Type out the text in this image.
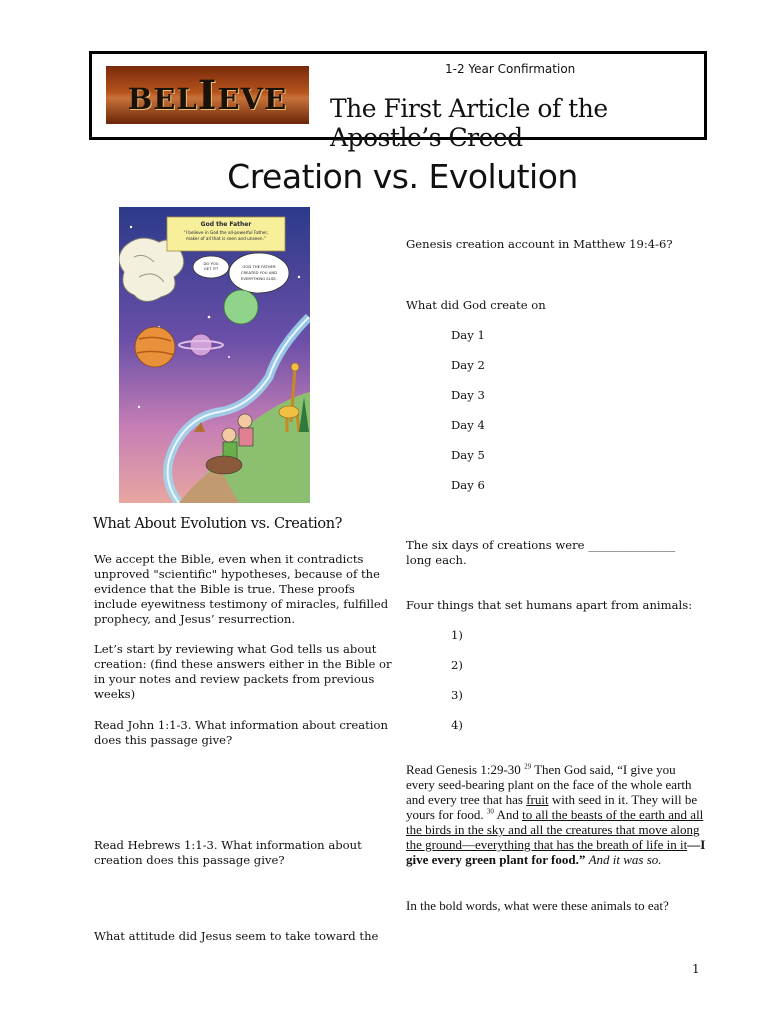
BELIEVE
1-2 Year Confirmation
The First Article of the Apostle’s Creed
Creation vs. Evolution
God the Father
“I believe in God the all-powerful Father,
maker of all that is seen and unseen.”
DO YOU
GET IT?	GOD THE FATHER
CREATED YOU AND
EVERYTHING ELSE.
What About Evolution vs. Creation?
We accept the Bible, even when it contradicts unproved "scientific" hypotheses, because of the evidence that the Bible is true. These proofs include eyewitness testimony of miracles, fulfilled prophecy, and Jesus’ resurrection.
Let’s start by reviewing what God tells us about creation: (find these answers either in the Bible or in your notes and review packets from previous weeks)
Read John 1:1-3. What information about creation does this passage give?
Read Hebrews 1:1-3. What information about creation does this passage give?
What attitude did Jesus seem to take toward the
Genesis creation account in Matthew 19:4-6?
What did God create on
Day 1
Day 2
Day 3
Day 4
Day 5
Day 6
The six days of creations were _______________ long each.
Four things that set humans apart from animals:
1)
2)
3)
4)
Read Genesis 1:29-30 $^{29}$ Then God said, “I give you every seed-bearing plant on the face of the whole earth and every tree that has fruit with seed in it. They will be yours for food. $^{30}$ And to all the beasts of the earth and all the birds in the sky and all the creatures that move along the ground—everything that has the breath of life in it—I give every green plant for food.” And it was so.
In the bold words, what were these animals to eat?
1
